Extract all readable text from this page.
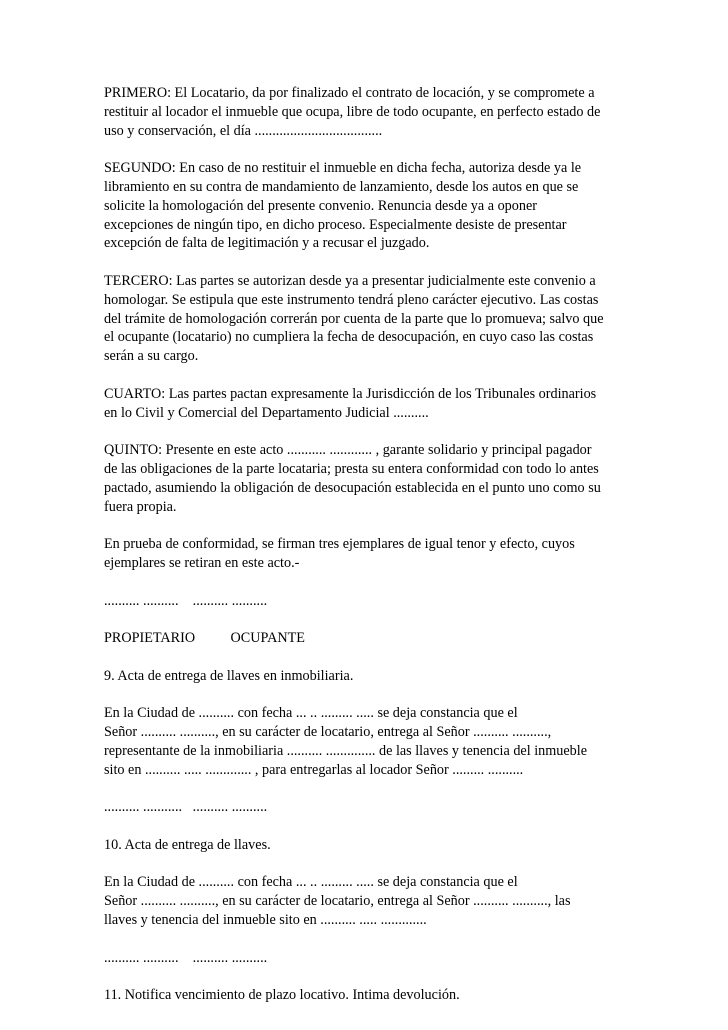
PRIMERO: El Locatario, da por finalizado el contrato de locación, y se compromete a
restituir al locador el inmueble que ocupa, libre de todo ocupante, en perfecto estado de
uso y conservación, el día ....................................
SEGUNDO: En caso de no restituir el inmueble en dicha fecha, autoriza desde ya le
libramiento en su contra de mandamiento de lanzamiento, desde los autos en que se
solicite la homologación del presente convenio. Renuncia desde ya a oponer
excepciones de ningún tipo, en dicho proceso. Especialmente desiste de presentar
excepción de falta de legitimación y a recusar el juzgado.
TERCERO: Las partes se autorizan desde ya a presentar judicialmente este convenio a
homologar. Se estipula que este instrumento tendrá pleno carácter ejecutivo. Las costas
del trámite de homologación correrán por cuenta de la parte que lo promueva; salvo que
el ocupante (locatario) no cumpliera la fecha de desocupación, en cuyo caso las costas
serán a su cargo.
CUARTO: Las partes pactan expresamente la Jurisdicción de los Tribunales ordinarios
en lo Civil y Comercial del Departamento Judicial ..........
QUINTO: Presente en este acto ........... ............ , garante solidario y principal pagador
de las obligaciones de la parte locataria; presta su entera conformidad con todo lo antes
pactado, asumiendo la obligación de desocupación establecida en el punto uno como su
fuera propia.
En prueba de conformidad, se firman tres ejemplares de igual tenor y efecto, cuyos
ejemplares se retiran en este acto.-
.......... ..........    .......... ..........
PROPIETARIO          OCUPANTE
9. Acta de entrega de llaves en inmobiliaria.
En la Ciudad de .......... con fecha ... .. ......... ..... se deja constancia que el
Señor .......... .........., en su carácter de locatario, entrega al Señor .......... ..........,
representante de la inmobiliaria .......... .............. de las llaves y tenencia del inmueble
sito en .......... ..... ............. , para entregarlas al locador Señor ......... ..........
.......... ...........   .......... ..........
10. Acta de entrega de llaves.
En la Ciudad de .......... con fecha ... .. ......... ..... se deja constancia que el
Señor .......... .........., en su carácter de locatario, entrega al Señor .......... .........., las
llaves y tenencia del inmueble sito en .......... ..... .............
.......... ..........    .......... ..........
11. Notifica vencimiento de plazo locativo. Intima devolución.
